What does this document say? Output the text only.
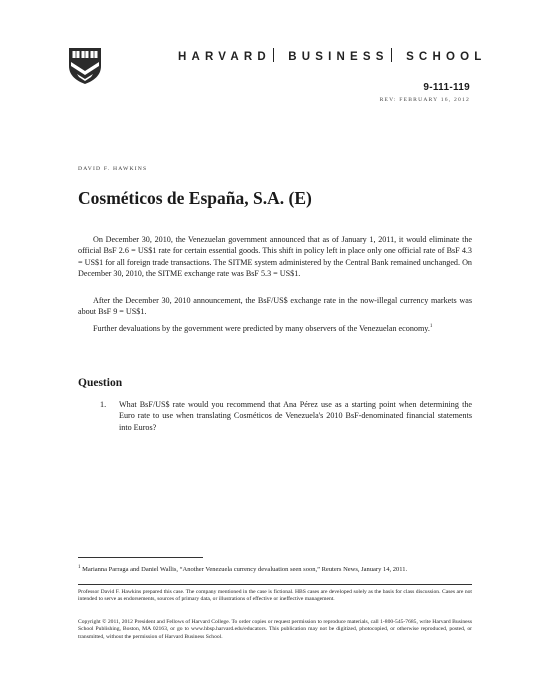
HARVARD BUSINESS SCHOOL
9-111-119
REV: FEBRUARY 16, 2012
DAVID F. HAWKINS
Cosméticos de España, S.A. (E)
On December 30, 2010, the Venezuelan government announced that as of January 1, 2011, it would eliminate the official BsF 2.6 = US$1 rate for certain essential goods. This shift in policy left in place only one official rate of BsF 4.3 = US$1 for all foreign trade transactions. The SITME system administered by the Central Bank remained unchanged. On December 30, 2010, the SITME exchange rate was BsF 5.3 = US$1.
After the December 30, 2010 announcement, the BsF/US$ exchange rate in the now-illegal currency markets was about BsF 9 = US$1.
Further devaluations by the government were predicted by many observers of the Venezuelan economy.$^1$
Question
1. What BsF/US$ rate would you recommend that Ana Pérez use as a starting point when determining the Euro rate to use when translating Cosméticos de Venezuela's 2010 BsF-denominated financial statements into Euros?
$^1$ Marianna Parraga and Daniel Wallis, “Another Venezuela currency devaluation seen soon,” Reuters News, January 14, 2011.
Professor David F. Hawkins prepared this case. The company mentioned in the case is fictional. HBS cases are developed solely as the basis for class discussion. Cases are not intended to serve as endorsements, sources of primary data, or illustrations of effective or ineffective management.
Copyright © 2011, 2012 President and Fellows of Harvard College. To order copies or request permission to reproduce materials, call 1-800-545-7685, write Harvard Business School Publishing, Boston, MA 02163, or go to www.hbsp.harvard.edu/educators. This publication may not be digitized, photocopied, or otherwise reproduced, posted, or transmitted, without the permission of Harvard Business School.
